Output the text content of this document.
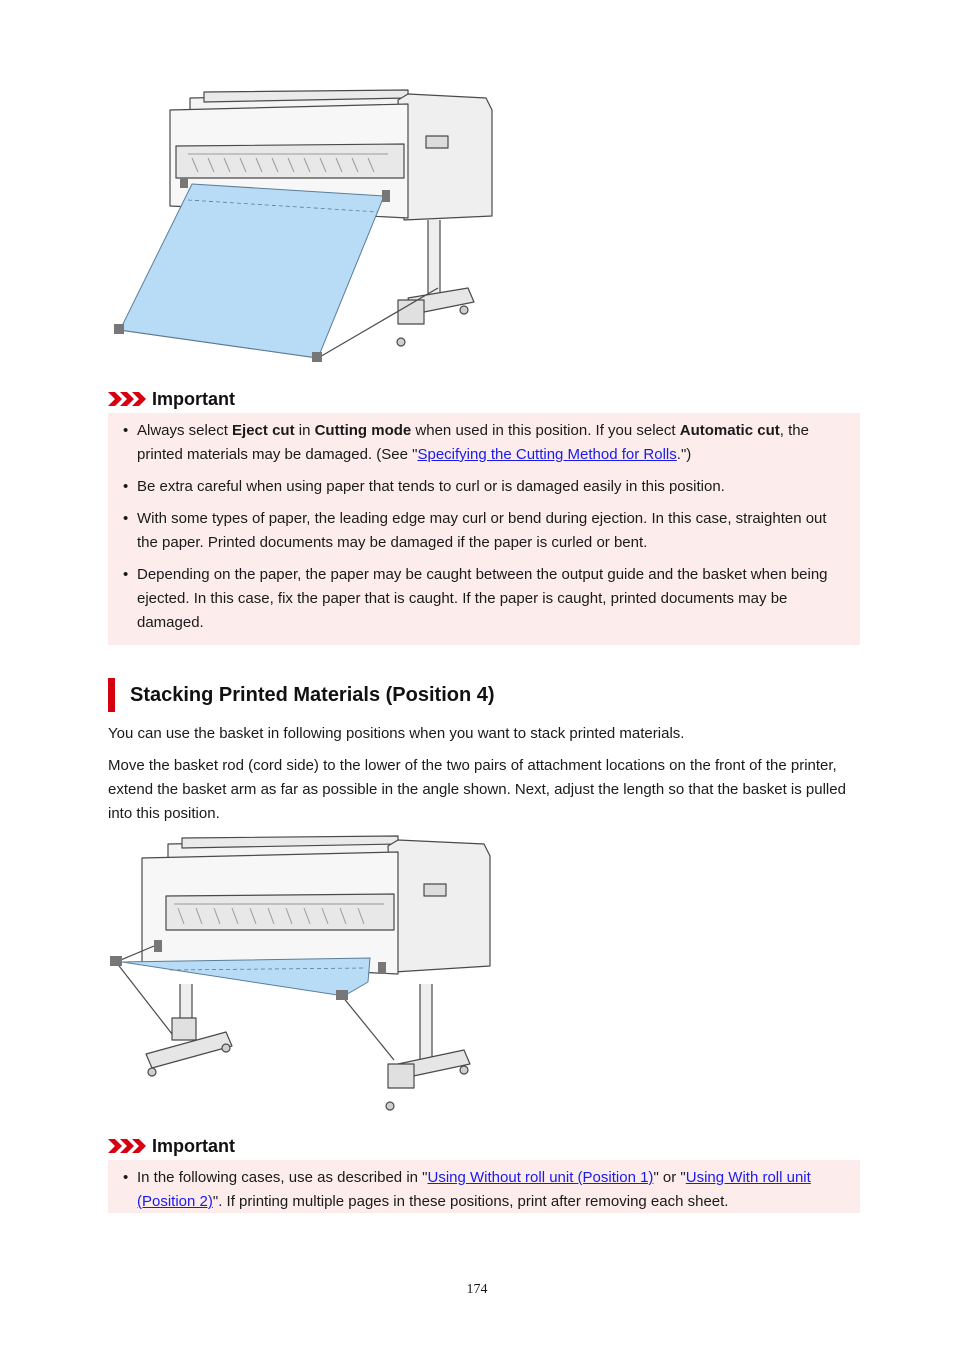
Important
• Always select Eject cut in Cutting mode when used in this position. If you select Automatic cut, the printed materials may be damaged. (See "Specifying the Cutting Method for Rolls.")
• Be extra careful when using paper that tends to curl or is damaged easily in this position.
• With some types of paper, the leading edge may curl or bend during ejection. In this case, straighten out the paper. Printed documents may be damaged if the paper is curled or bent.
• Depending on the paper, the paper may be caught between the output guide and the basket when being ejected. In this case, fix the paper that is caught. If the paper is caught, printed documents may be damaged.
Stacking Printed Materials (Position 4)
You can use the basket in following positions when you want to stack printed materials.
Move the basket rod (cord side) to the lower of the two pairs of attachment locations on the front of the printer, extend the basket arm as far as possible in the angle shown. Next, adjust the length so that the basket is pulled into this position.
Important
• In the following cases, use as described in "Using Without roll unit (Position 1)" or "Using With roll unit (Position 2)". If printing multiple pages in these positions, print after removing each sheet.
174
